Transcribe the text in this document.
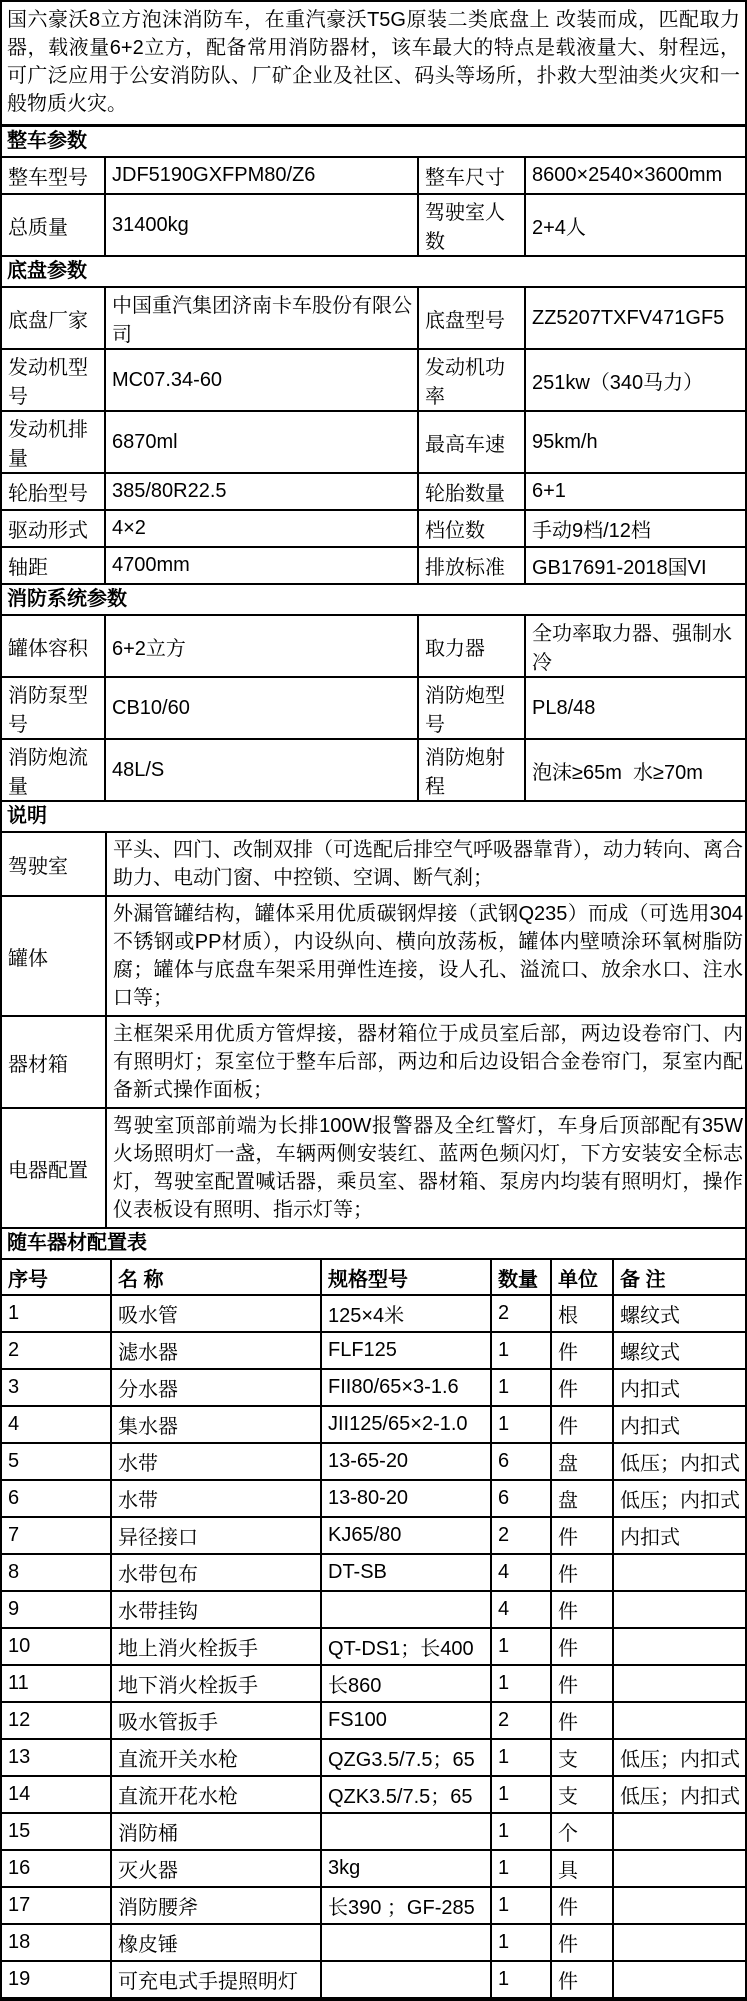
国六豪沃8立方泡沫消防车，在重汽豪沃T5G原装二类底盘上 改装而成，匹配取力器，载液量6+2立方，配备常用消防器材，该车最大的特点是载液量大、射程远，可广泛应用于公安消防队、厂矿企业及社区、码头等场所，扑救大型油类火灾和一般物质火灾。
整车参数
整车型号	JDF5190GXFPM80/Z6	整车尺寸	8600×2540×3600mm
总质量	31400kg	驾驶室人数	2+4人
底盘参数
底盘厂家	中国重汽集团济南卡车股份有限公司	底盘型号	ZZ5207TXFV471GF5
发动机型号	MC07.34-60	发动机功率	251kw（340马力）
发动机排量	6870ml	最高车速	95km/h
轮胎型号	385/80R22.5	轮胎数量	6+1
驱动形式	4×2	档位数	手动9档/12档
轴距	4700mm	排放标准	GB17691-2018国VI
消防系统参数
罐体容积	6+2立方	取力器	全功率取力器、强制水冷
消防泵型号	CB10/60	消防炮型号	PL8/48
消防炮流量	48L/S	消防炮射程	泡沫≥65m  水≥70m
说明
驾驶室	平头、四门、改制双排（可选配后排空气呼吸器靠背），动力转向、离合助力、电动门窗、中控锁、空调、断气刹；
罐体	外漏管罐结构，罐体采用优质碳钢焊接（武钢Q235）而成（可选用304不锈钢或PP材质），内设纵向、横向放荡板，罐体内壁喷涂环氧树脂防腐；罐体与底盘车架采用弹性连接，设人孔、溢流口、放余水口、注水口等；
器材箱	主框架采用优质方管焊接，器材箱位于成员室后部，两边设卷帘门、内有照明灯；泵室位于整车后部，两边和后边设铝合金卷帘门，泵室内配备新式操作面板；
电器配置	驾驶室顶部前端为长排100W报警器及全红警灯，车身后顶部配有35W火场照明灯一盏，车辆两侧安装红、蓝两色频闪灯，下方安装安全标志灯，驾驶室配置喊话器，乘员室、器材箱、泵房内均装有照明灯，操作仪表板设有照明、指示灯等；
随车器材配置表
序号	名 称	规格型号	数量	单位	备 注
1	吸水管	125×4米	2	根	螺纹式
2	滤水器	FLF125	1	件	螺纹式
3	分水器	FII80/65×3-1.6	1	件	内扣式
4	集水器	JII125/65×2-1.0	1	件	内扣式
5	水带	13-65-20	6	盘	低压；内扣式
6	水带	13-80-20	6	盘	低压；内扣式
7	异径接口	KJ65/80	2	件	内扣式
8	水带包布	DT-SB	4	件	
9	水带挂钩		4	件	
10	地上消火栓扳手	QT-DS1；长400	1	件	
11	地下消火栓扳手	长860	1	件	
12	吸水管扳手	FS100	2	件	
13	直流开关水枪	QZG3.5/7.5；65	1	支	低压；内扣式
14	直流开花水枪	QZK3.5/7.5；65	1	支	低压；内扣式
15	消防桶		1	个	
16	灭火器	3kg	1	具	
17	消防腰斧	长390 ；GF-285	1	件	
18	橡皮锤		1	件	
19	可充电式手提照明灯		1	件	
